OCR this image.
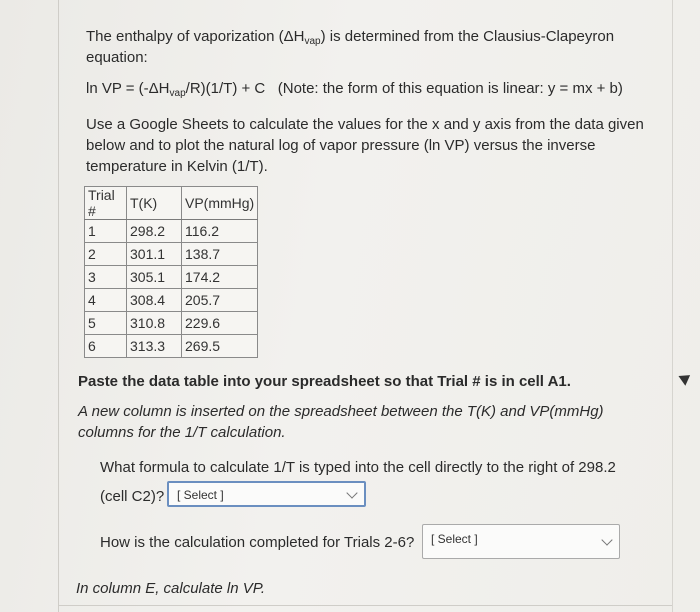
The enthalpy of vaporization $(\Delta H_{vap})$ is determined from the Clausius-Clapeyron equation:

ln VP = $(-\Delta H_{vap}/R)(1/T) + C$   (Note: the form of this equation is linear: y = mx + b)

Use a Google Sheets to calculate the values for the x and y axis from the data given below and to plot the natural log of vapor pressure (ln VP) versus the inverse temperature in Kelvin (1/T).

Trial #	T(K)	VP(mmHg)
1	298.2	116.2
2	301.1	138.7
3	305.1	174.2
4	308.4	205.7
5	310.8	229.6
6	313.3	269.5

Paste the data table into your spreadsheet so that Trial # is in cell A1.

A new column is inserted on the spreadsheet between the T(K) and VP(mmHg) columns for the 1/T calculation.

What formula to calculate 1/T is typed into the cell directly to the right of 298.2

(cell C2)? [ Select ]

How is the calculation completed for Trials 2-6? [ Select ]

In column E, calculate ln VP.
